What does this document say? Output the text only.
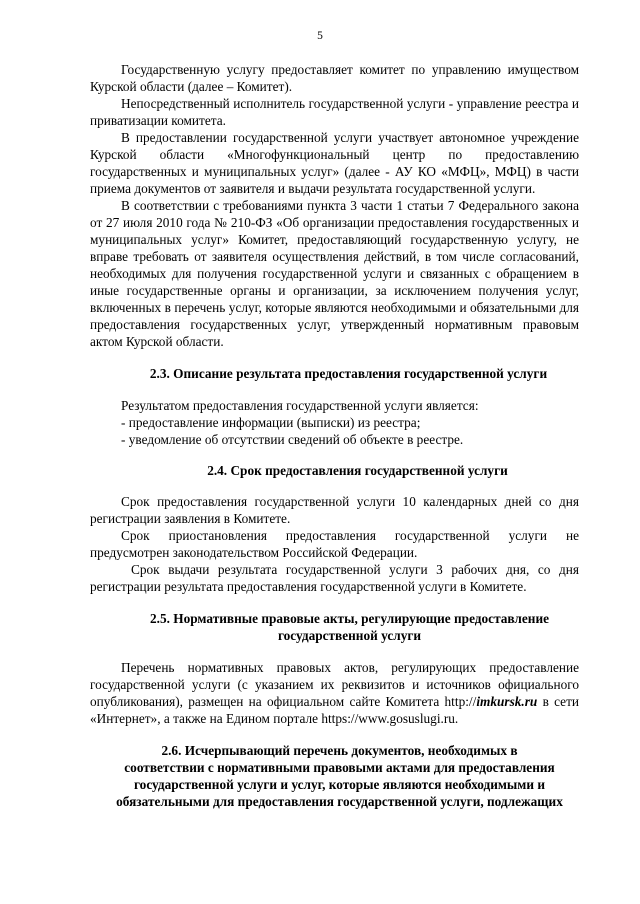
5

Государственную услугу предоставляет комитет по управлению имуществом Курской области (далее – Комитет).

Непосредственный исполнитель государственной услуги - управление реестра и приватизации комитета.

В предоставлении государственной услуги участвует автономное учреждение Курской области «Многофункциональный центр по предоставлению государственных и муниципальных услуг» (далее - АУ КО «МФЦ», МФЦ) в части приема документов от заявителя и выдачи результата государственной услуги.

В соответствии с требованиями пункта 3 части 1 статьи 7 Федерального закона от 27 июля 2010 года № 210-ФЗ «Об организации предоставления государственных и муниципальных услуг» Комитет, предоставляющий государственную услугу, не вправе требовать от заявителя осуществления действий, в том числе согласований, необходимых для получения государственной услуги и связанных с обращением в иные государственные органы и организации, за исключением получения услуг, включенных в перечень услуг, которые являются необходимыми и обязательными для предоставления государственных услуг, утвержденный нормативным правовым актом Курской области.

2.3. Описание результата предоставления государственной услуги

Результатом предоставления государственной услуги является:

- предоставление информации (выписки) из реестра;

- уведомление об отсутствии сведений об объекте в реестре.

2.4. Срок предоставления государственной услуги

Срок предоставления государственной услуги 10 календарных дней со дня регистрации заявления в Комитете.

Срок приостановления предоставления государственной услуги не предусмотрен законодательством Российской Федерации.

Срок выдачи результата государственной услуги 3 рабочих дня, со дня регистрации результата предоставления государственной услуги в Комитете.

2.5. Нормативные правовые акты, регулирующие предоставление
государственной услуги

Перечень нормативных правовых актов, регулирующих предоставление государственной услуги (с указанием их реквизитов и источников официального опубликования), размещен на официальном сайте Комитета http://imkursk.ru в сети «Интернет», а также на Едином портале https://www.gosuslugi.ru.

2.6. Исчерпывающий перечень документов, необходимых в
соответствии с нормативными правовыми актами для предоставления
государственной услуги и услуг, которые являются необходимыми и
обязательными для предоставления государственной услуги, подлежащих
